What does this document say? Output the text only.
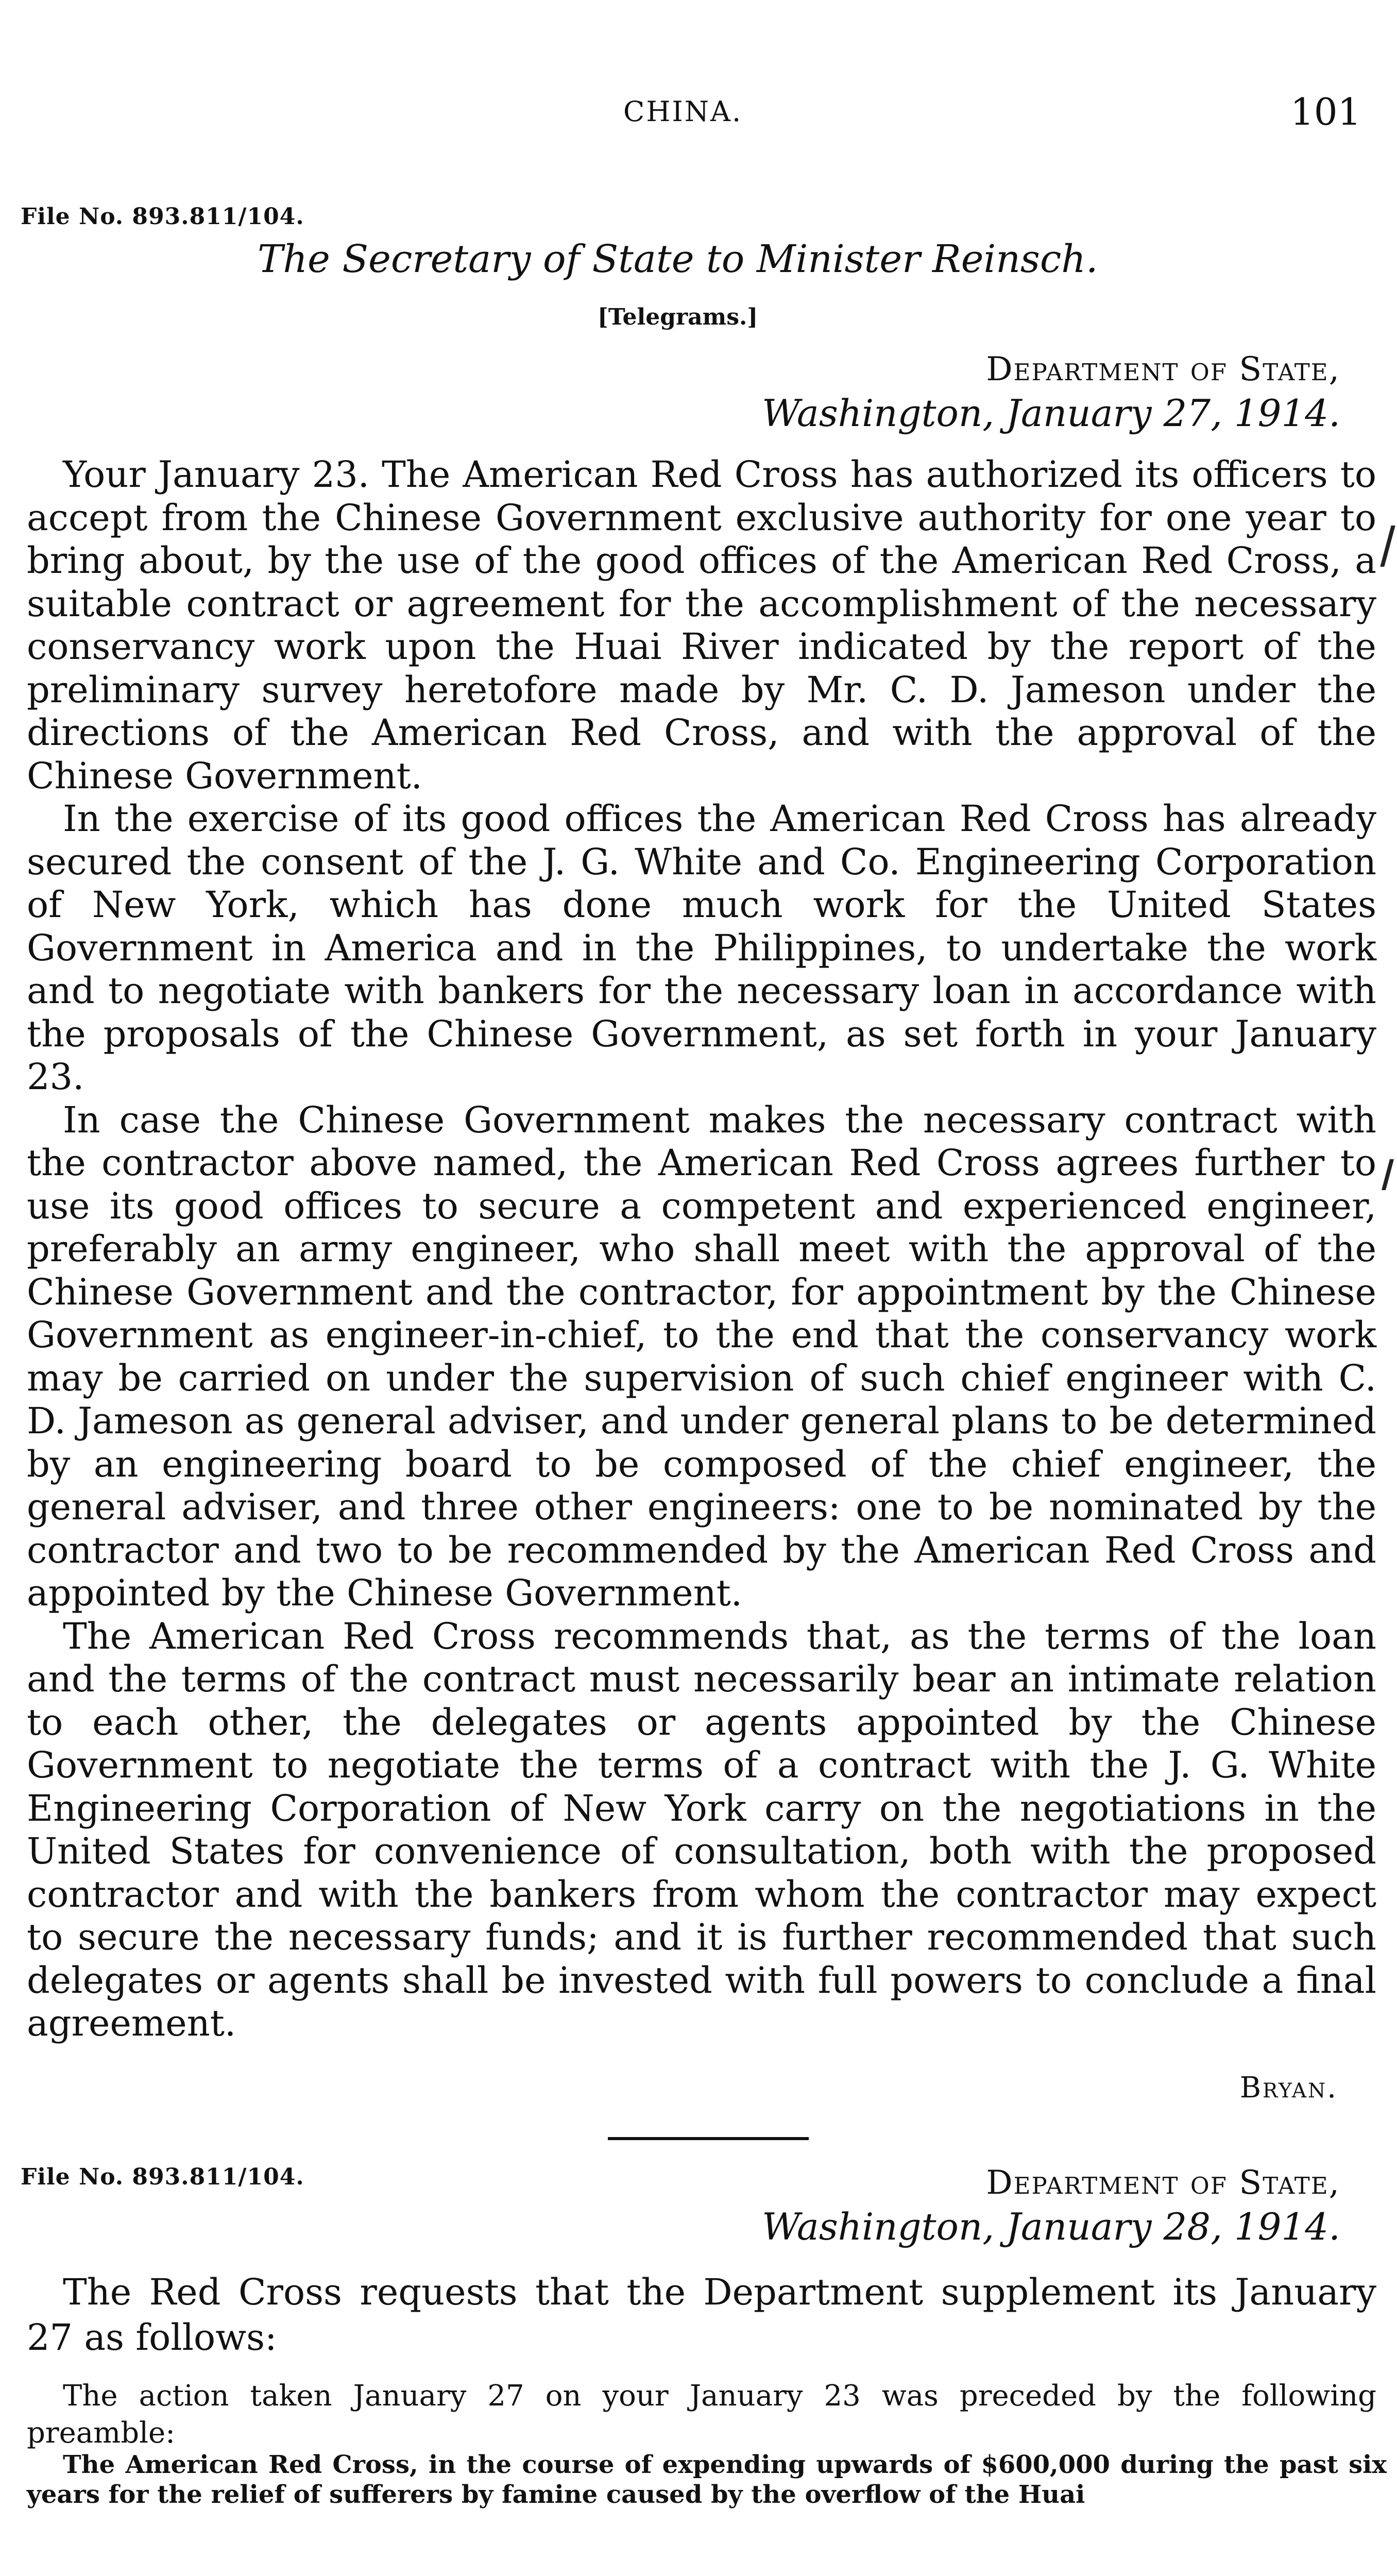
CHINA.	101
File No. 893.811/104.
The Secretary of State to Minister Reinsch.
[Telegrams.]
Department of State,
Washington, January 27, 1914.

Your January 23. The American Red Cross has authorized its officers to accept from the Chinese Government exclusive authority for one year to bring about, by the use of the good offices of the American Red Cross, a suitable contract or agreement for the accomplishment of the necessary conservancy work upon the Huai River indicated by the report of the preliminary survey heretofore made by Mr. C. D. Jameson under the directions of the American Red Cross, and with the approval of the Chinese Government.

In the exercise of its good offices the American Red Cross has already secured the consent of the J. G. White and Co. Engineering Corporation of New York, which has done much work for the United States Government in America and in the Philippines, to undertake the work and to negotiate with bankers for the necessary loan in accordance with the proposals of the Chinese Government, as set forth in your January 23.

In case the Chinese Government makes the necessary contract with the contractor above named, the American Red Cross agrees further to use its good offices to secure a competent and experienced engineer, preferably an army engineer, who shall meet with the approval of the Chinese Government and the contractor, for appointment by the Chinese Government as engineer-in-chief, to the end that the conservancy work may be carried on under the supervision of such chief engineer with C. D. Jameson as general adviser, and under general plans to be determined by an engineering board to be composed of the chief engineer, the general adviser, and three other engineers: one to be nominated by the contractor and two to be recommended by the American Red Cross and appointed by the Chinese Government.

The American Red Cross recommends that, as the terms of the loan and the terms of the contract must necessarily bear an intimate relation to each other, the delegates or agents appointed by the Chinese Government to negotiate the terms of a contract with the J. G. White Engineering Corporation of New York carry on the negotiations in the United States for convenience of consultation, both with the proposed contractor and with the bankers from whom the contractor may expect to secure the necessary funds; and it is further recommended that such delegates or agents shall be invested with full powers to conclude a final agreement.

Bryan.
File No. 893.811/104.	Department of State,
Washington, January 28, 1914.

The Red Cross requests that the Department supplement its January 27 as follows:

The action taken January 27 on your January 23 was preceded by the following preamble:

The American Red Cross, in the course of expending upwards of $600,000 during the past six years for the relief of sufferers by famine caused by the overflow of the Huai
